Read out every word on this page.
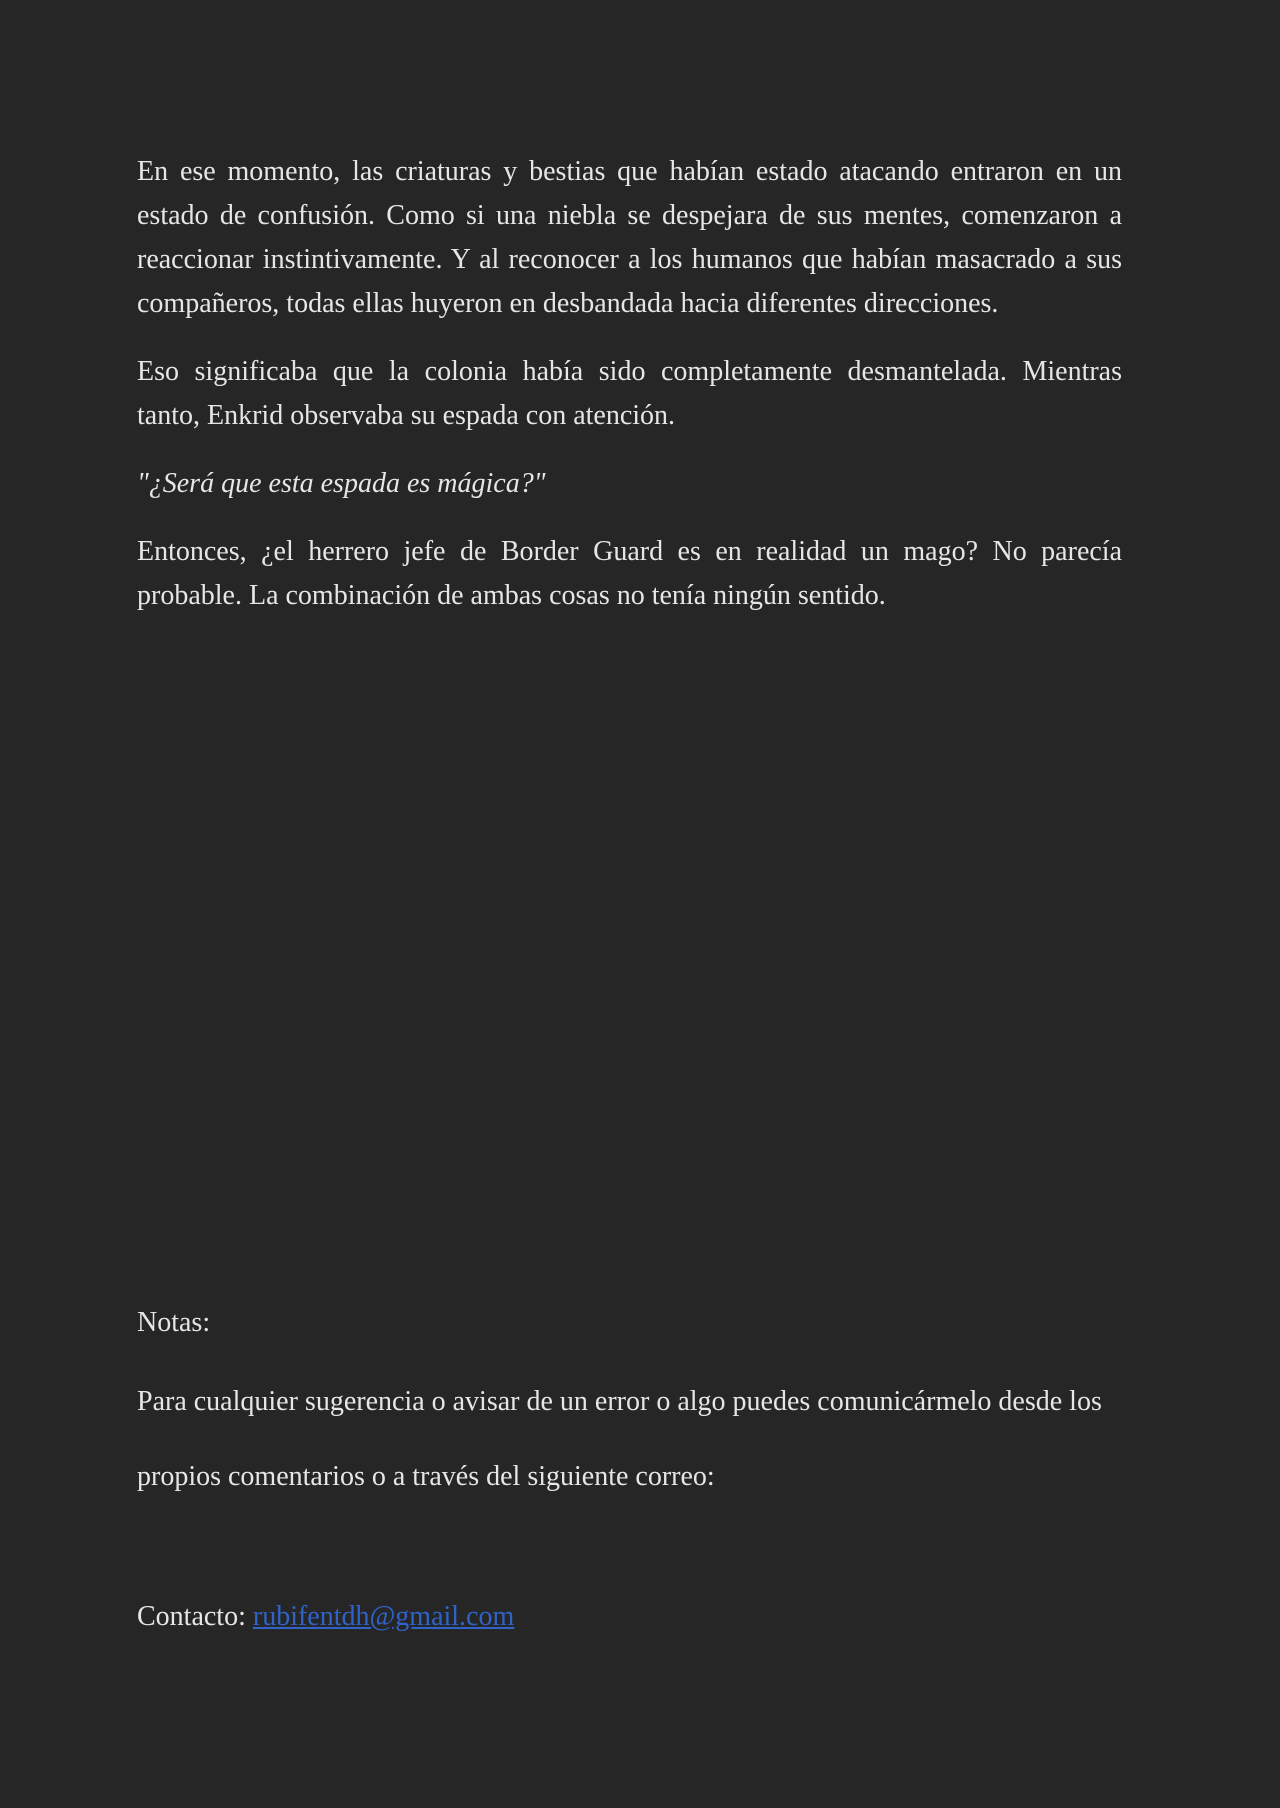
En ese momento, las criaturas y bestias que habían estado atacando entraron en un
estado de confusión. Como si una niebla se despejara de sus mentes, comenzaron a
reaccionar instintivamente. Y al reconocer a los humanos que habían masacrado a sus
compañeros, todas ellas huyeron en desbandada hacia diferentes direcciones.
Eso significaba que la colonia había sido completamente desmantelada. Mientras
tanto, Enkrid observaba su espada con atención.
"¿Será que esta espada es mágica?"
Entonces, ¿el herrero jefe de Border Guard es en realidad un mago? No parecía
probable. La combinación de ambas cosas no tenía ningún sentido.

Notas:

Para cualquier sugerencia o avisar de un error o algo puedes comunicármelo desde los

propios comentarios o a través del siguiente correo:

Contacto: rubifentdh@gmail.com
